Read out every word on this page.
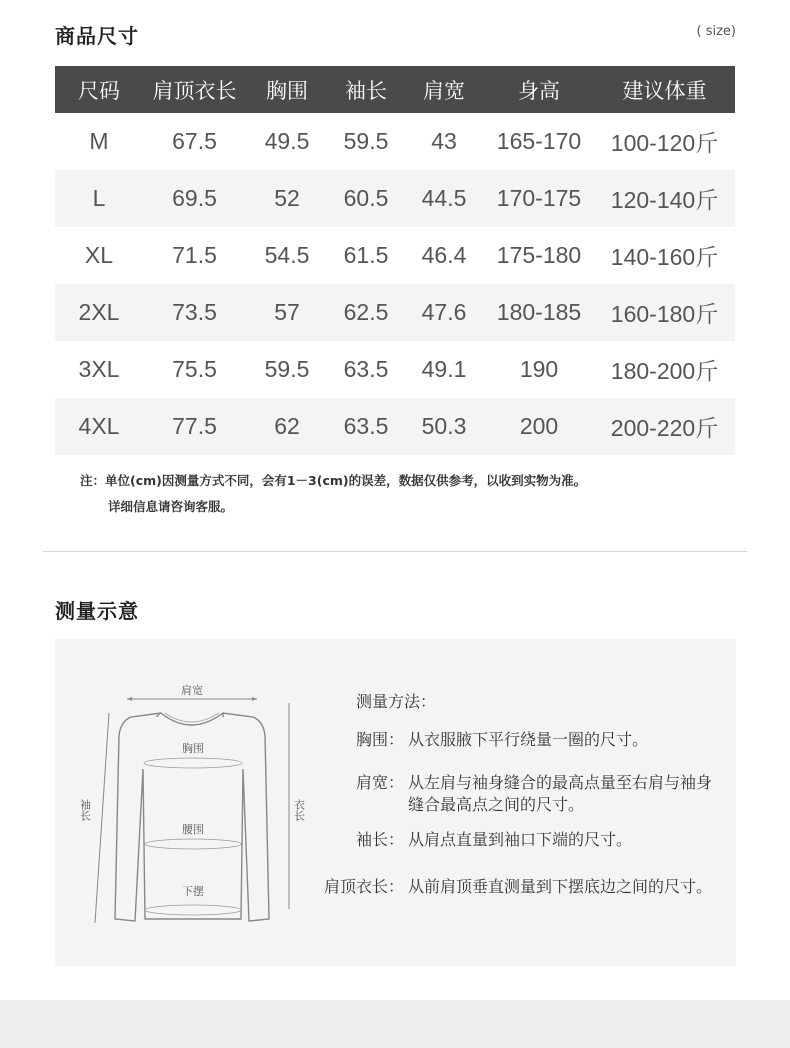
商品尺寸	( size)
尺码	肩顶衣长	胸围	袖长	肩宽	身高	建议体重
M	67.5	49.5	59.5	43	165-170	100-120斤
L	69.5	52	60.5	44.5	170-175	120-140斤
XL	71.5	54.5	61.5	46.4	175-180	140-160斤
2XL	73.5	57	62.5	47.6	180-185	160-180斤
3XL	75.5	59.5	63.5	49.1	190	180-200斤
4XL	77.5	62	63.5	50.3	200	200-220斤
注：单位(cm)因测量方式不同，会有1－3(cm)的误差，数据仅供参考，以收到实物为准。
详细信息请咨询客服。
测量示意
肩宽
胸围
腰围
下摆
袖长	衣长
测量方法：
胸围： 从衣服腋下平行绕量一圈的尺寸。
肩宽： 从左肩与袖身缝合的最高点量至右肩与袖身缝合最高点之间的尺寸。
袖长： 从肩点直量到袖口下端的尺寸。
肩顶衣长： 从前肩顶垂直测量到下摆底边之间的尺寸。
